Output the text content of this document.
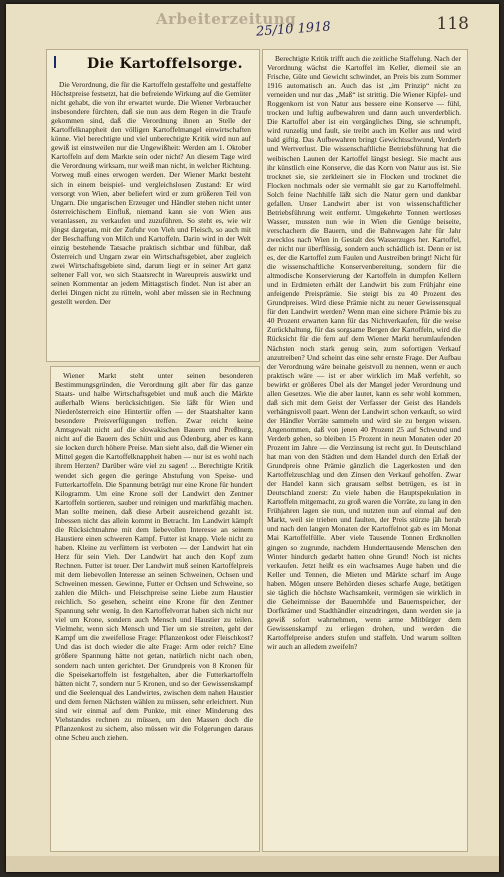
Arbeiterzeitung
25/10 1918	118
Die Kartoffelsorge.

Die Verordnung, die für die Kartoffeln gestaffelte und gestaffelte Höchstpreise festsetzt, hat die befreiende Wirkung auf die Gemüter nicht gehabt, die von ihr erwartet wurde. Die Wiener Verbraucher insbesondere fürchten, daß sie nun aus dem Regen in die Traufe gekommen sind, daß die Verordnung ihnen an Stelle der Kartoffelknappheit den völligen Kartoffelmangel einwirtschaften könne. Viel berechtigte und viel unberechtigte Kritik wird nun auf gewiß ist einstweilen nur die Ungewißheit: Werden am 1. Oktober Kartoffeln auf dem Markte sein oder nicht? An diesem Tage wird die Verordnung wirksam, nur weiß man nicht, in welcher Richtung. Vorweg muß eines erwogen werden. Der Wiener Markt besteht sich in einem beispiel- und vergleichslosen Zustand: Er wird versorgt von Wien, aber beliefert wird er zum größeren Teil von Ungarn. Die ungarischen Erzeuger und Händler stehen nicht unter österreichischem Einfluß, niemand kann sie von Wien aus veranlassen, zu verkaufen und zuzuführen. So steht es, wie wir jüngst dargetan, mit der Zufuhr von Vieh und Fleisch, so auch mit der Beschaffung von Milch und Kartoffeln. Darin wird in der Welt einzig bestehende Tatsache praktisch sichtbar und fühlbar, daß Österreich und Ungarn zwar ein Wirtschaftsgebiet, aber zugleich zwei Wirtschaftsgebiete sind, darum liegt er in seiner Art ganz seltener Fall vor, wo sich Staatsrecht in Wareupreis auswirkt und seinen Kommentar an jedem Mittagstisch findet. Nun ist aber an derlei Dingen nicht zu rütteln, wohl aber müssen sie in Rechnung gestellt werden. Der

Wiener Markt steht unter seinen besonderen Bestimmungsgründen, die Verordnung gilt aber für das ganze Staats- und halbe Wirtschaftsgebiet und muß auch die Märkte außerhalb Wiens berücksichtigen. Sie läßt für Wien und Niederösterreich eine Hintertür offen — der Staatshalter kann besondere Preisverfügungen treffen. Zwar reicht keine Amtsgewalt nicht auf die slowakischen Bauern und Preßburg, nicht auf die Bauern des Schütt und aus Ödenburg, aber es kann sie locken durch höhere Preise. Man sieht also, daß die Wiener ein Mittel gegen die Kartoffelknappheit haben — nur ist es wohl nach ihrem Herzen? Darüber wäre viel zu sagen! ... Berechtigte Kritik wendet sich gegen die geringe Abstufung von Speise- und Futterkartoffeln. Die Spannung beträgt nur eine Krone für hundert Kilogramm. Um eine Krone soll der Landwirt den Zentner Kartoffeln sortieren, sauber und reinigen und marktfähig machen. Man sollte meinen, daß diese Arbeit ausreichend gezahlt ist. Inbessen nicht das allein kommt in Betracht. Im Landwirt kämpft die Rücksichtnahme mit dem liebevollen Interesse an seinem Haustiere einen schweren Kampf. Futter ist knapp. Viele nicht zu haben. Kleine zu verfüttern ist verboten — der Landwirt hat ein Herz für sein Vieh. Der Landwirt hat auch den Kopf zum Rechnen. Futter ist teuer. Der Landwirt muß seinen Kartoffelpreis mit dem liebevollen Interesse an seinen Schweinen, Ochsen und Schweinen messen. Gewinne, Futter er Ochsen und Schweine, so zahlen die Milch- und Fleischpreise seine Liebe zum Haustier reichlich. So gesehen, scheint eine Krone für den Zentner Spannung sehr wenig. In den Kartoffelvorrat haben sich nicht nur viel um Krone, sondern auch Mensch und Haustier zu teilen. Vielmehr, wenn sich Mensch und Tier um sie streiten, geht der Kampf um die zweifellose Frage: Pflanzenkost oder Fleischkost? Und das ist doch wieder die alte Frage: Arm oder reich? Eine größere Spannung hätte not getan, natürlich nicht nach oben, sondern nach unten gerichtet. Der Grundpreis von 8 Kronen für die Speisekartoffeln ist festgehalten, aber die Futterkartoffeln hätten nicht 7, sondern nur 5 Kronen, und so der Gewissenskampf und die Seelenqual des Landwirtes, zwischen dem nahen Haustier und dem fernen Nächsten wählen zu müssen, sehr erleichtert. Nun sind wir einmal auf dem Punkte, mit einer Minderung des Viehstandes rechnen zu müssen, um den Massen doch die Pflanzenkost zu sichern, also müssen wir die Folgerungen daraus ohne Scheu auch ziehen.

Berechtigte Kritik trifft auch die zeitliche Staffelung. Nach der Verordnung wächst die Kartoffel im Keller, diemeil sie an Frische, Güte und Gewicht schwindet, an Preis bis zum Sommer 1916 automatisch an. Auch das ist „im Prinzip“ nicht zu verneiden und nur das „Maß“ ist strittig. Die Wiener Kipfel- und Roggenkorn ist von Natur aus bessere eine Konserve — fühl, trocken und luftig aufbewahren und dann auch unverderblich. Die Kartoffel aber ist ein vergängliches Ding, sie schrumpft, wird runzelig und fault, sie treibt auch im Keller aus und wird bald giftig. Das Aufbewahren bringt Gewichtsschwund, Verderb und Wertverlust. Die wissenschaftliche Betriebsführung hat die weibischen Launen der Kartoffel längst besiegt. Sie macht aus ihr künstlich eine Konserve, die das Korn von Natur aus ist. Sie trocknet sie, sie zerkleinert sie in Flocken und trocknet die Flocken nochmals oder sie vermahlt sie gar zu Kartoffelmehl. Solch feine Nachhilfe läßt sich die Natur gern und dankbar gefallen. Unser Landwirt aber ist von wissenschaftlicher Betriebsführung weit entfernt. Umgekehrte Tonnen wertloses Wasser, mussten nun wie in Wien die Genüge beiseite, verschachern die Bauern, und die Bahnwagen Jahr für Jahr zwecklos nach Wien in Gestalt des Wasserzuges her. Kartoffel, der nicht nur überflüssig, sondern auch schädlich ist. Denn er ist es, der die Kartoffel zum Faulen und Austreiben bringt! Nicht für die wissenschaftliche Konservenbereitung, sondern für die altmodische Konservierung der Kartoffeln in dumpfen Kellern und in Erdmieten erhält der Landwirt bis zum Frühjahr eine anfeigende Preisprämie. Sie steigt bis zu 40 Prozent des Grundpreises. Wird diese Prämie nicht zu neuer Gewissensqual für den Landwirt werden? Wenn man eine sichere Prämie bis zu 40 Prozent erwarten kann für das Nichtverkaufen, für die weise Zurückhaltung, für das sorgsame Bergen der Kartoffeln, wird die Rücksicht für die fern auf dem Wiener Markt herumlaufenden Nächsten noch stark genug sein, zum sofortigen Verkauf anzutreiben? Und scheint das eine sehr ernste Frage. Der Aufbau der Verordnung wäre beinahe geistvoll zu nennen, wenn er auch praktisch wäre — ist er aber wirklich im Maß verfehlt, so bewirkt er größeres Übel als der Mangel jeder Verordnung und allen Gesetzes. Wie die aber lautet, kann es sehr wohl kommen, daß sich mit dem Geist der Verfasser der Geist des Handels verhängnisvoll paart. Wenn der Landwirt schon verkauft, so wird der Händler Vorräte sammeln und wird sie zu bergen wissen. Angenommen, daß von jenen 40 Prozent 25 auf Schwund und Verderb gehen, so bleiben 15 Prozent in neun Monaten oder 20 Prozent im Jahre — die Verzinsung ist recht gut. In Deutschland hat man von den Städten und dem Handel durch den Erlaß der Grundpreis ohne Prämie gänzlich die Lagerkosten und den Kartoffelzuschlag und den Zinsen den Verkauf geholfen. Zwar der Handel kann sich grausam selbst betrügen, es ist in Deutschland zuerst: Zu viele haben die Hauptspekulation in Kartoffeln mitgemacht, zu groß waren die Vorräte, zu lang in den Frühjahren lagen sie nun, und nutzten nun auf einmal auf den Markt, weil sie trieben und faulten, der Preis stürzte jäh herab und nach den langen Monaten der Kartoffelnot gab es im Monat Mai Kartoffelfülle. Aber viele Tausende Tonnen Erdknollen gingen so zugrunde, nachdem Hunderttausende Menschen den Winter hindurch gedarbt hatten ohne Grund! Noch ist nichts verkaufen. Jetzt heißt es ein wachsames Auge haben und die Keller und Tennen, die Mieten und Märkte scharf im Auge haben. Mögen unsere Behörden dieses scharfe Auge, betätigen sie täglich die höchste Wachsamkeit, vermögen sie wirklich in die Geheimnisse der Bauernhöfe und Bauernspeicher, der Dorfkrämer und Stadthändler einzudringen, dann werden sie ja gewiß sofort wahrnehmen, wenn arme Mitbürger dem Gewissenskampf zu erliegen drohen, und werden die Kartoffelpreise anders stufen und staffeln. Und warum sollten wir auch an alledem zweifeln?
